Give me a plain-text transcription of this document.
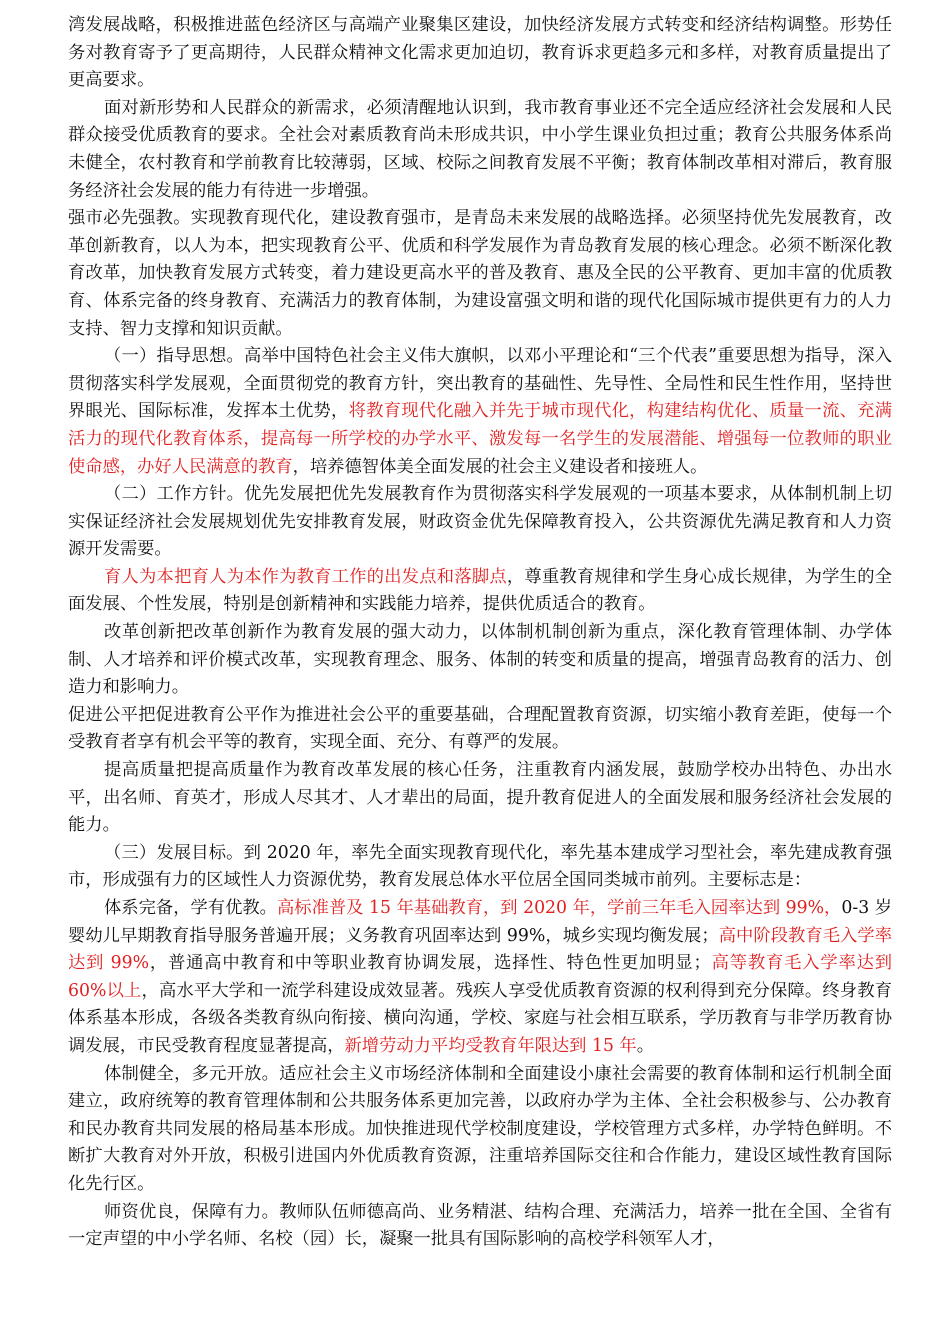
湾发展战略，积极推进蓝色经济区与高端产业聚集区建设，加快经济发展方式转变和经济结构调整。形势任务对教育寄予了更高期待，人民群众精神文化需求更加迫切，教育诉求更趋多元和多样，对教育质量提出了更高要求。

面对新形势和人民群众的新需求，必须清醒地认识到，我市教育事业还不完全适应经济社会发展和人民群众接受优质教育的要求。全社会对素质教育尚未形成共识，中小学生课业负担过重；教育公共服务体系尚未健全，农村教育和学前教育比较薄弱，区域、校际之间教育发展不平衡；教育体制改革相对滞后，教育服务经济社会发展的能力有待进一步增强。

强市必先强教。实现教育现代化，建设教育强市，是青岛未来发展的战略选择。必须坚持优先发展教育，改革创新教育，以人为本，把实现教育公平、优质和科学发展作为青岛教育发展的核心理念。必须不断深化教育改革，加快教育发展方式转变，着力建设更高水平的普及教育、惠及全民的公平教育、更加丰富的优质教育、体系完备的终身教育、充满活力的教育体制，为建设富强文明和谐的现代化国际城市提供更有力的人力支持、智力支撑和知识贡献。

（一）指导思想。高举中国特色社会主义伟大旗帜，以邓小平理论和“三个代表”重要思想为指导，深入贯彻落实科学发展观，全面贯彻党的教育方针，突出教育的基础性、先导性、全局性和民生性作用，坚持世界眼光、国际标准，发挥本土优势，将教育现代化融入并先于城市现代化，构建结构优化、质量一流、充满活力的现代化教育体系，提高每一所学校的办学水平、激发每一名学生的发展潜能、增强每一位教师的职业使命感，办好人民满意的教育，培养德智体美全面发展的社会主义建设者和接班人。

（二）工作方针。优先发展把优先发展教育作为贯彻落实科学发展观的一项基本要求，从体制机制上切实保证经济社会发展规划优先安排教育发展，财政资金优先保障教育投入，公共资源优先满足教育和人力资源开发需要。

育人为本把育人为本作为教育工作的出发点和落脚点，尊重教育规律和学生身心成长规律，为学生的全面发展、个性发展，特别是创新精神和实践能力培养，提供优质适合的教育。

改革创新把改革创新作为教育发展的强大动力，以体制机制创新为重点，深化教育管理体制、办学体制、人才培养和评价模式改革，实现教育理念、服务、体制的转变和质量的提高，增强青岛教育的活力、创造力和影响力。

促进公平把促进教育公平作为推进社会公平的重要基础，合理配置教育资源，切实缩小教育差距，使每一个受教育者享有机会平等的教育，实现全面、充分、有尊严的发展。

提高质量把提高质量作为教育改革发展的核心任务，注重教育内涵发展，鼓励学校办出特色、办出水平，出名师、育英才，形成人尽其才、人才辈出的局面，提升教育促进人的全面发展和服务经济社会发展的能力。

（三）发展目标。到 2020 年，率先全面实现教育现代化，率先基本建成学习型社会，率先建成教育强市，形成强有力的区域性人力资源优势，教育发展总体水平位居全国同类城市前列。主要标志是：

体系完备，学有优教。高标准普及 15 年基础教育，到 2020 年，学前三年毛入园率达到 99%，0-3 岁婴幼儿早期教育指导服务普遍开展；义务教育巩固率达到 99%，城乡实现均衡发展；高中阶段教育毛入学率达到 99%，普通高中教育和中等职业教育协调发展，选择性、特色性更加明显；高等教育毛入学率达到 60%以上，高水平大学和一流学科建设成效显著。残疾人享受优质教育资源的权利得到充分保障。终身教育体系基本形成，各级各类教育纵向衔接、横向沟通，学校、家庭与社会相互联系，学历教育与非学历教育协调发展，市民受教育程度显著提高，新增劳动力平均受教育年限达到 15 年。

体制健全，多元开放。适应社会主义市场经济体制和全面建设小康社会需要的教育体制和运行机制全面建立，政府统筹的教育管理体制和公共服务体系更加完善，以政府办学为主体、全社会积极参与、公办教育和民办教育共同发展的格局基本形成。加快推进现代学校制度建设，学校管理方式多样，办学特色鲜明。不断扩大教育对外开放，积极引进国内外优质教育资源，注重培养国际交往和合作能力，建设区域性教育国际化先行区。

师资优良，保障有力。教师队伍师德高尚、业务精湛、结构合理、充满活力，培养一批在全国、全省有一定声望的中小学名师、名校（园）长，凝聚一批具有国际影响的高校学科领军人才，
